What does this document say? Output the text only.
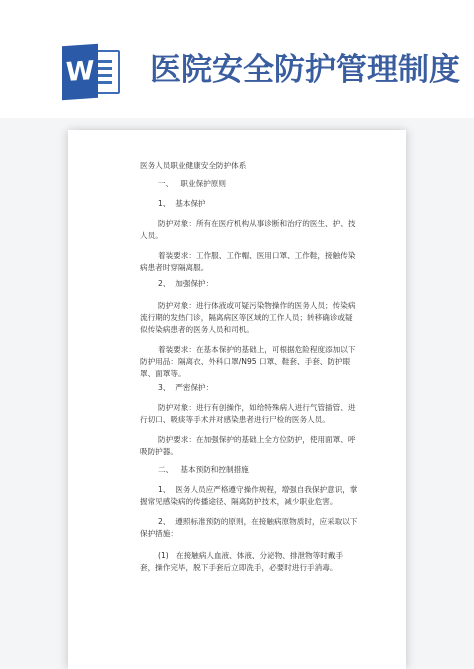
W 医院安全防护管理制度

医务人员职业健康安全防护体系

一、   职业保护原则

1、  基本保护

防护对象：所有在医疗机构从事诊断和治疗的医生、护、技人员。

着装要求：工作服、工作帽、医用口罩、工作鞋，接触传染病患者时穿隔离服。

2、  加强保护：

防护对象：进行体液或可疑污染物操作的医务人员；传染病流行期的发热门诊，隔离病区等区域的工作人员；转移确诊或疑似传染病患者的医务人员和司机。

着装要求：在基本保护的基础上，可根据危险程度添加以下防护用品：隔离衣、外科口罩/N95 口罩、鞋套、手套、防护眼罩、面罩等。

3、  严密保护：

防护对象：进行有创操作，如给特殊病人进行气管插管、进行切口、吸痰等手术并对感染患者进行尸检的医务人员。

防护要求：在加强保护的基础上全方位防护，使用面罩、呼吸防护器。

二、   基本预防和控制措施

1、  医务人员应严格遵守操作规程，增强自我保护意识，掌握常见感染病的传播途径、隔离防护技术，减少职业危害。

2、  遵照标准预防的原则，在接触病原物质时，应采取以下保护措施：

(1)   在接触病人血液、体液、分泌物、排泄物等时戴手套，操作完毕，脱下手套后立即洗手，必要时进行手消毒。
